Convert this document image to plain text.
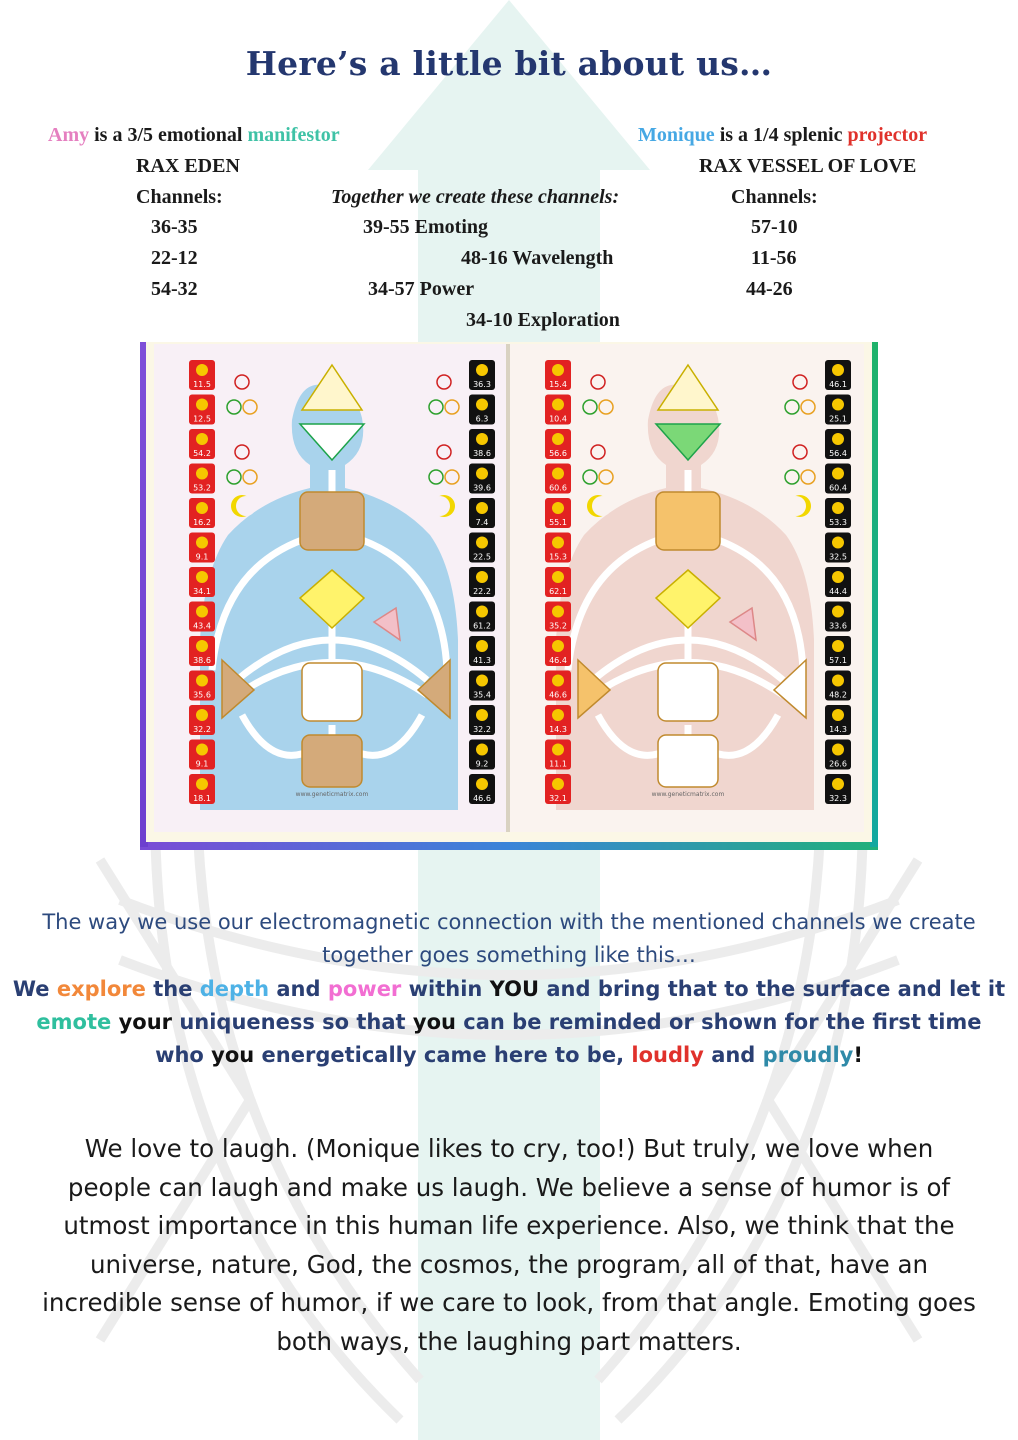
Here’s a little bit about us…
Amy is a 3/5 emotional manifestor
RAX EDEN
Channels:
36-35
22-12
54-32
Together we create these channels:
39-55 Emoting
48-16 Wavelength
34-57 Power
34-10 Exploration
Monique is a 1/4 splenic projector
RAX VESSEL OF LOVE
Channels:
57-10
11-56
44-26
11.5	36.3
12.5	6.3
54.2	38.6
53.2	39.6
16.2	7.4
9.1	22.5
34.1	22.2
43.4	61.2
38.6	41.3
35.6	35.4
32.2	32.2
9.1	9.2
18.1	46.6
www.geneticmatrix.com
15.4	46.1
10.4	25.1
56.6	56.4
60.6	60.4
55.1	53.3
15.3	32.5
62.1	44.4
35.2	33.6
46.4	57.1
46.6	48.2
14.3	14.3
11.1	26.6
32.1	32.3
www.geneticmatrix.com
The way we use our electromagnetic connection with the mentioned channels we create together goes something like this…
We explore the depth and power within YOU and bring that to the surface and let it emote your uniqueness so that you can be reminded or shown for the first time who you energetically came here to be, loudly and proudly!
We love to laugh. (Monique likes to cry, too!) But truly, we love when people can laugh and make us laugh. We believe a sense of humor is of utmost importance in this human life experience. Also, we think that the universe, nature, God, the cosmos, the program, all of that, have an incredible sense of humor, if we care to look, from that angle. Emoting goes both ways, the laughing part matters.
